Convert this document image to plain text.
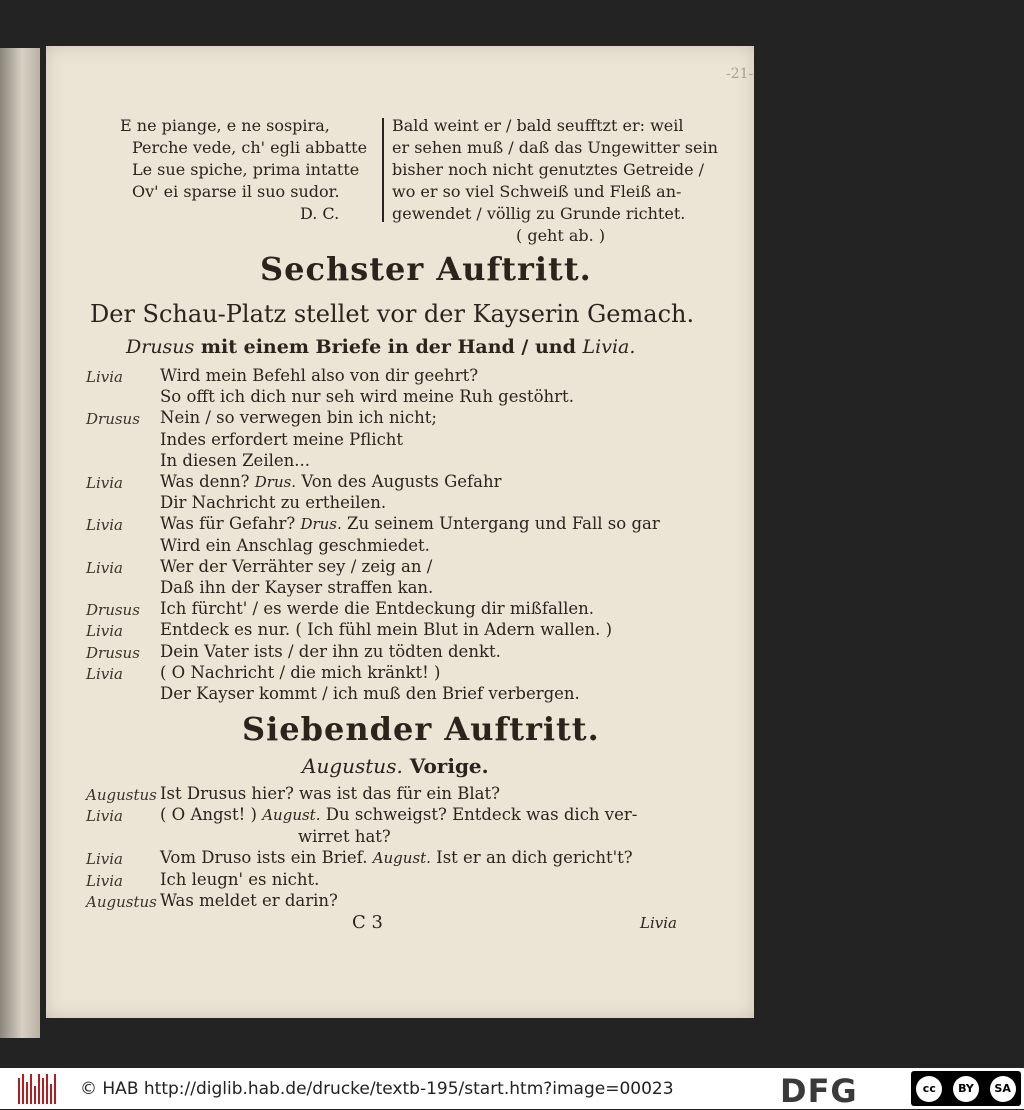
-21-
E ne piange, e ne sospira,
Perche vede, ch' egli abbatte
Le sue spiche, prima intatte
Ov' ei sparse il suo sudor.
D. C.
Bald weint er / bald seufftzt er: weil
er sehen muß / daß das Ungewitter sein
bisher noch nicht genutztes Getreide /
wo er so viel Schweiß und Fleiß an-
gewendet / völlig zu Grunde richtet.
( geht ab. )
Sechster Auftritt.
Der Schau-Platz stellet vor der Kayserin Gemach.
Drusus mit einem Briefe in der Hand / und Livia.
Livia Wird mein Befehl also von dir geehrt?
So offt ich dich nur seh wird meine Ruh gestöhrt.
Drusus Nein / so verwegen bin ich nicht;
Indes erfordert meine Pflicht
In diesen Zeilen...
Livia Was denn? Drus. Von des Augusts Gefahr
Dir Nachricht zu ertheilen.
Livia Was für Gefahr? Drus. Zu seinem Untergang und Fall so gar
Wird ein Anschlag geschmiedet.
Livia Wer der Verrähter sey / zeig an /
Daß ihn der Kayser straffen kan.
Drusus Ich fürcht' / es werde die Entdeckung dir mißfallen.
Livia Entdeck es nur. ( Ich fühl mein Blut in Adern wallen. )
Drusus Dein Vater ists / der ihn zu tödten denkt.
Livia ( O Nachricht / die mich kränkt! )
Der Kayser kommt / ich muß den Brief verbergen.
Siebender Auftritt.
Augustus. Vorige.
Augustus Ist Drusus hier? was ist das für ein Blat?
Livia ( O Angst! ) August. Du schweigst? Entdeck was dich ver-
wirret hat?
Livia Vom Druso ists ein Brief. August. Ist er an dich gericht't?
Livia Ich leugn' es nicht.
Augustus Was meldet er darin?
C 3	Livia
© HAB http://diglib.hab.de/drucke/textb-195/start.htm?image=00023	DFG	cc	BY	SA
